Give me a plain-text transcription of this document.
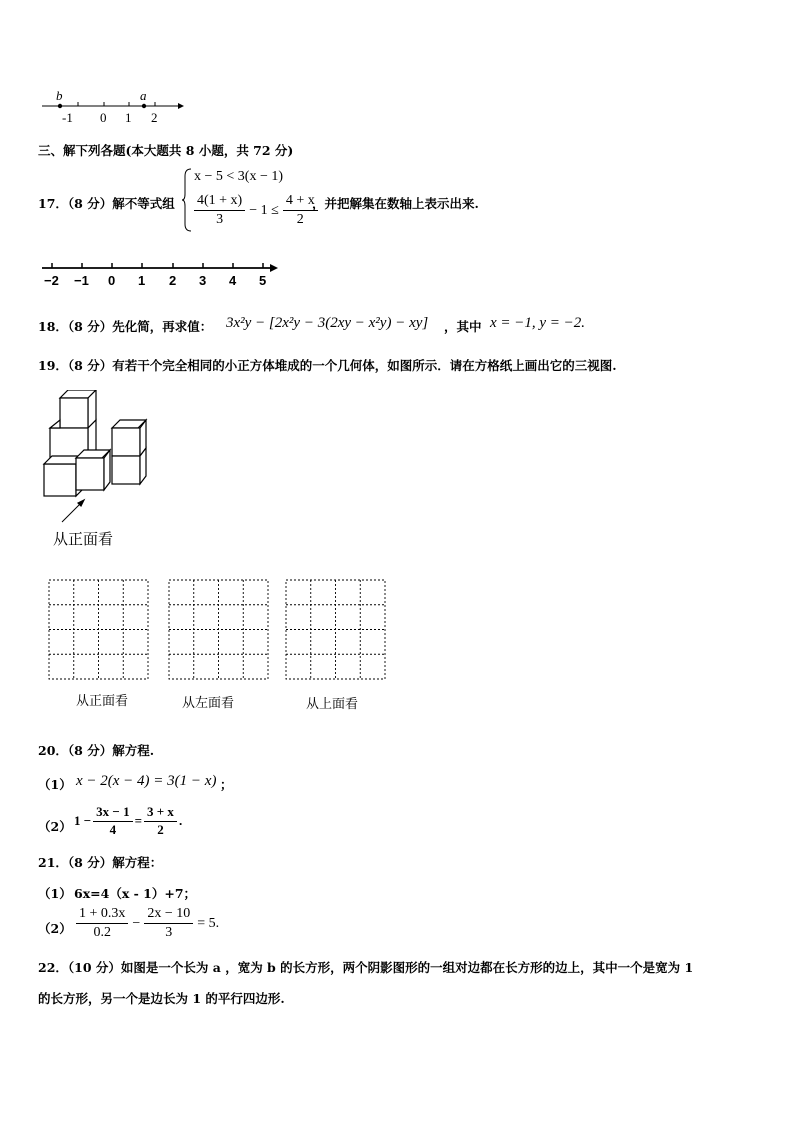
b	a
-1 0 1 2
三、解下列各题(本大题共 8 小题，共 72 分)
17．（8 分）解不等式组
x − 5 < 3(x − 1)
$\frac{4(1 + x)}{3} - 1 \le \frac{4 + x}{2}$
，并把解集在数轴上表示出来.
−2 −1 0 1 2 3 4 5
18．（8 分）先化简，再求值： 3x²y − [2x²y − 3(2xy − x²y) − xy] ，其中 x = −1, y = −2.
19．（8 分）有若干个完全相同的小正方体堆成的一个几何体，如图所示．请在方格纸上画出它的三视图.
从正面看
从正面看	从左面看	从上面看
20．（8 分）解方程.
（1） x − 2(x − 4) = 3(1 − x) ；
（2） $1 - \frac{3x - 1}{4} = \frac{3 + x}{2}$ .
21．（8 分）解方程：
（1） 6x=4（x - 1）+7；
$(2) \frac{1 + 0.3x}{0.2} - \frac{2x - 10}{3} = 5$.
22．（10 分）如图是一个长为 a ，宽为 b 的长方形，两个阴影图形的一组对边都在长方形的边上，其中一个是宽为 1
的长方形，另一个是边长为 1 的平行四边形.
